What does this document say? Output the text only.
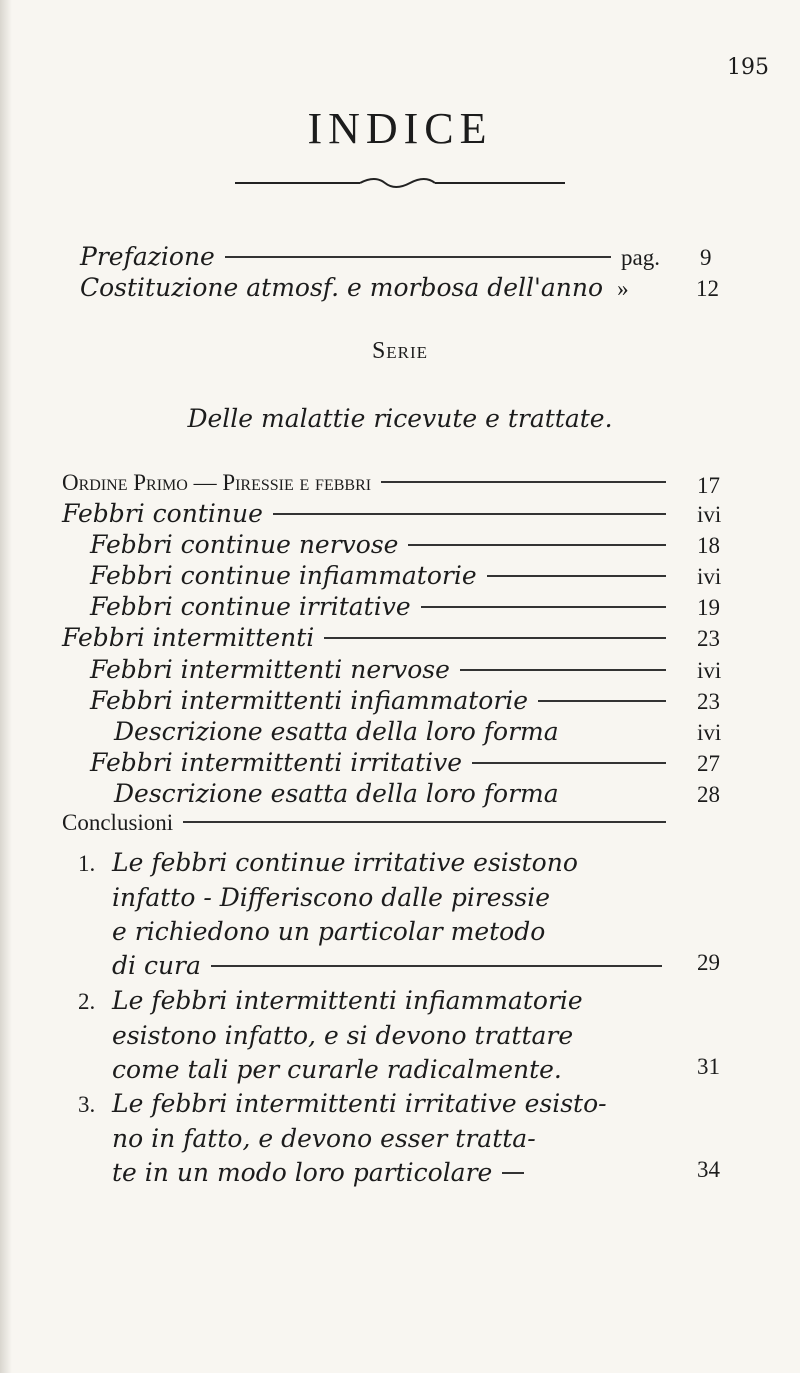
195
INDICE
Prefazione	pag. 9
Costituzione atmosf. e morbosa dell'anno »	12
Serie
Delle malattie ricevute e trattate.
Ordine Primo — Piressie e febbri	17
Febbri continue	ivi
Febbri continue nervose	18
Febbri continue infiammatorie	ivi
Febbri continue irritative	19
Febbri intermittenti	23
Febbri intermittenti nervose	ivi
Febbri intermittenti infiammatorie	23
Descrizione esatta della loro forma	ivi
Febbri intermittenti irritative	27
Descrizione esatta della loro forma	28
Conclusioni
1. Le febbri continue irritative esistono
infatto - Differiscono dalle piressie
e richiedono un particolar metodo
di cura	29
2. Le febbri intermittenti infiammatorie
esistono infatto, e si devono trattare
come tali per curarle radicalmente.	31
3. Le febbri intermittenti irritative esisto-
no in fatto, e devono esser tratta-
te in un modo loro particolare	34
